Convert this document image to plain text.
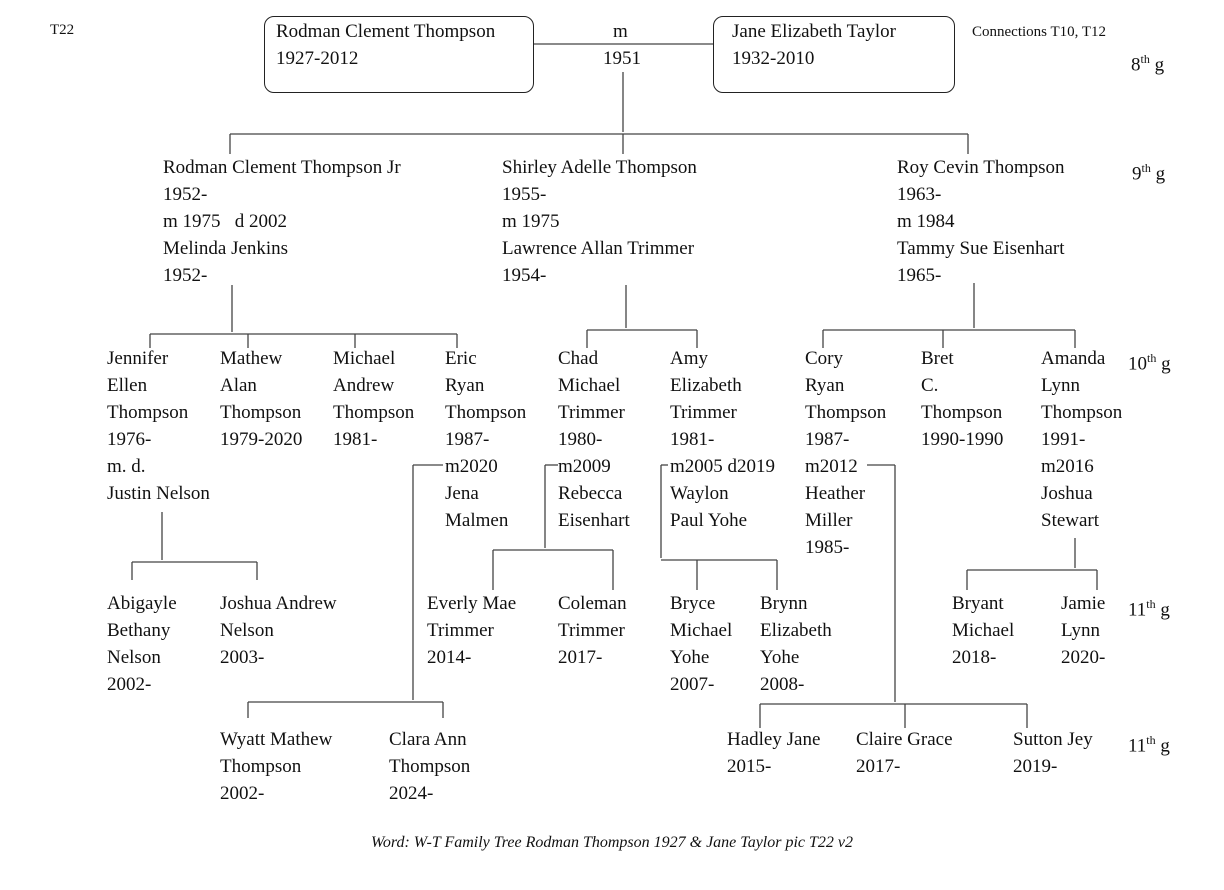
T22	Connections T10, T12
8th g
9th g
10th g
11th g
11th g
Rodman Clement Thompson
1927-2012
m
1951
Jane Elizabeth Taylor
1932-2010
Rodman Clement Thompson Jr
1952-
m 1975   d 2002
Melinda Jenkins
1952-
Shirley Adelle Thompson
1955-
m 1975
Lawrence Allan Trimmer
1954-
Roy Cevin Thompson
1963-
m 1984
Tammy Sue Eisenhart
1965-
Jennifer
Ellen
Thompson
1976-
m. d.
Justin Nelson
Mathew
Alan
Thompson
1979-2020
Michael
Andrew
Thompson
1981-
Eric
Ryan
Thompson
1987-
m2020
Jena
Malmen
Chad
Michael
Trimmer
1980-
m2009
Rebecca
Eisenhart
Amy
Elizabeth
Trimmer
1981-
m2005 d2019
Waylon
Paul Yohe
Cory
Ryan
Thompson
1987-
m2012
Heather
Miller
1985-
Bret
C.
Thompson
1990-1990
Amanda
Lynn
Thompson
1991-
m2016
Joshua
Stewart
Abigayle
Bethany
Nelson
2002-
Joshua Andrew
Nelson
2003-
Everly Mae
Trimmer
2014-
Coleman
Trimmer
2017-
Bryce
Michael
Yohe
2007-
Brynn
Elizabeth
Yohe
2008-
Bryant
Michael
2018-
Jamie
Lynn
2020-
Wyatt Mathew
Thompson
2002-
Clara Ann
Thompson
2024-
Hadley Jane
2015-
Claire Grace
2017-
Sutton Jey
2019-
Word: W-T Family Tree Rodman Thompson 1927 & Jane Taylor pic T22 v2
